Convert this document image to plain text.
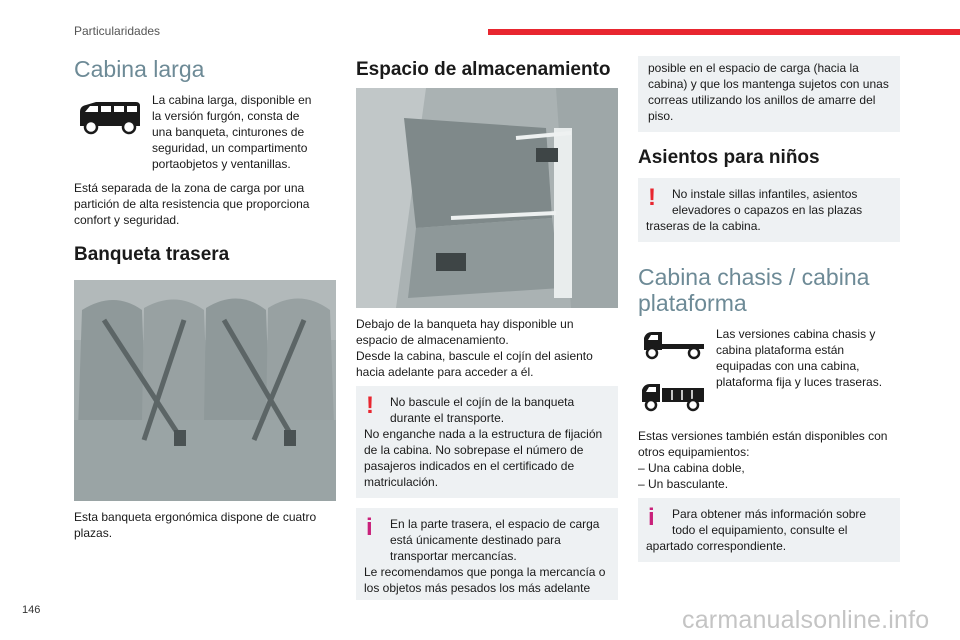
Particularidades
Cabina larga

La cabina larga, disponible en la versión furgón, consta de una banqueta, cinturones de seguridad, un compartimento portaobjetos y ventanillas.

Está separada de la zona de carga por una partición de alta resistencia que proporciona confort y seguridad.

Banqueta trasera

Esta banqueta ergonómica dispone de cuatro plazas.

Espacio de almacenamiento

Debajo de la banqueta hay disponible un espacio de almacenamiento.

Desde la cabina, bascule el cojín del asiento hacia adelante para acceder a él.

!	No bascule el cojín de la banqueta durante el transporte.

No enganche nada a la estructura de fijación de la cabina. No sobrepase el número de pasajeros indicados en el certificado de matriculación.

i	En la parte trasera, el espacio de carga está únicamente destinado para transportar mercancías.

Le recomendamos que ponga la mercancía o los objetos más pesados los más adelante

posible en el espacio de carga (hacia la cabina) y que los mantenga sujetos con unas correas utilizando los anillos de amarre del piso.

Asientos para niños
!	No instale sillas infantiles, asientos elevadores o capazos en las plazas

traseras de la cabina.

Cabina chasis / cabina plataforma

Las versiones cabina chasis y cabina plataforma están equipadas con una cabina, plataforma fija y luces traseras.

Estas versiones también están disponibles con otros equipamientos:

– Una cabina doble,

– Un basculante.

i	Para obtener más información sobre todo el equipamiento, consulte el

apartado correspondiente.

146	carmanualsonline.info
